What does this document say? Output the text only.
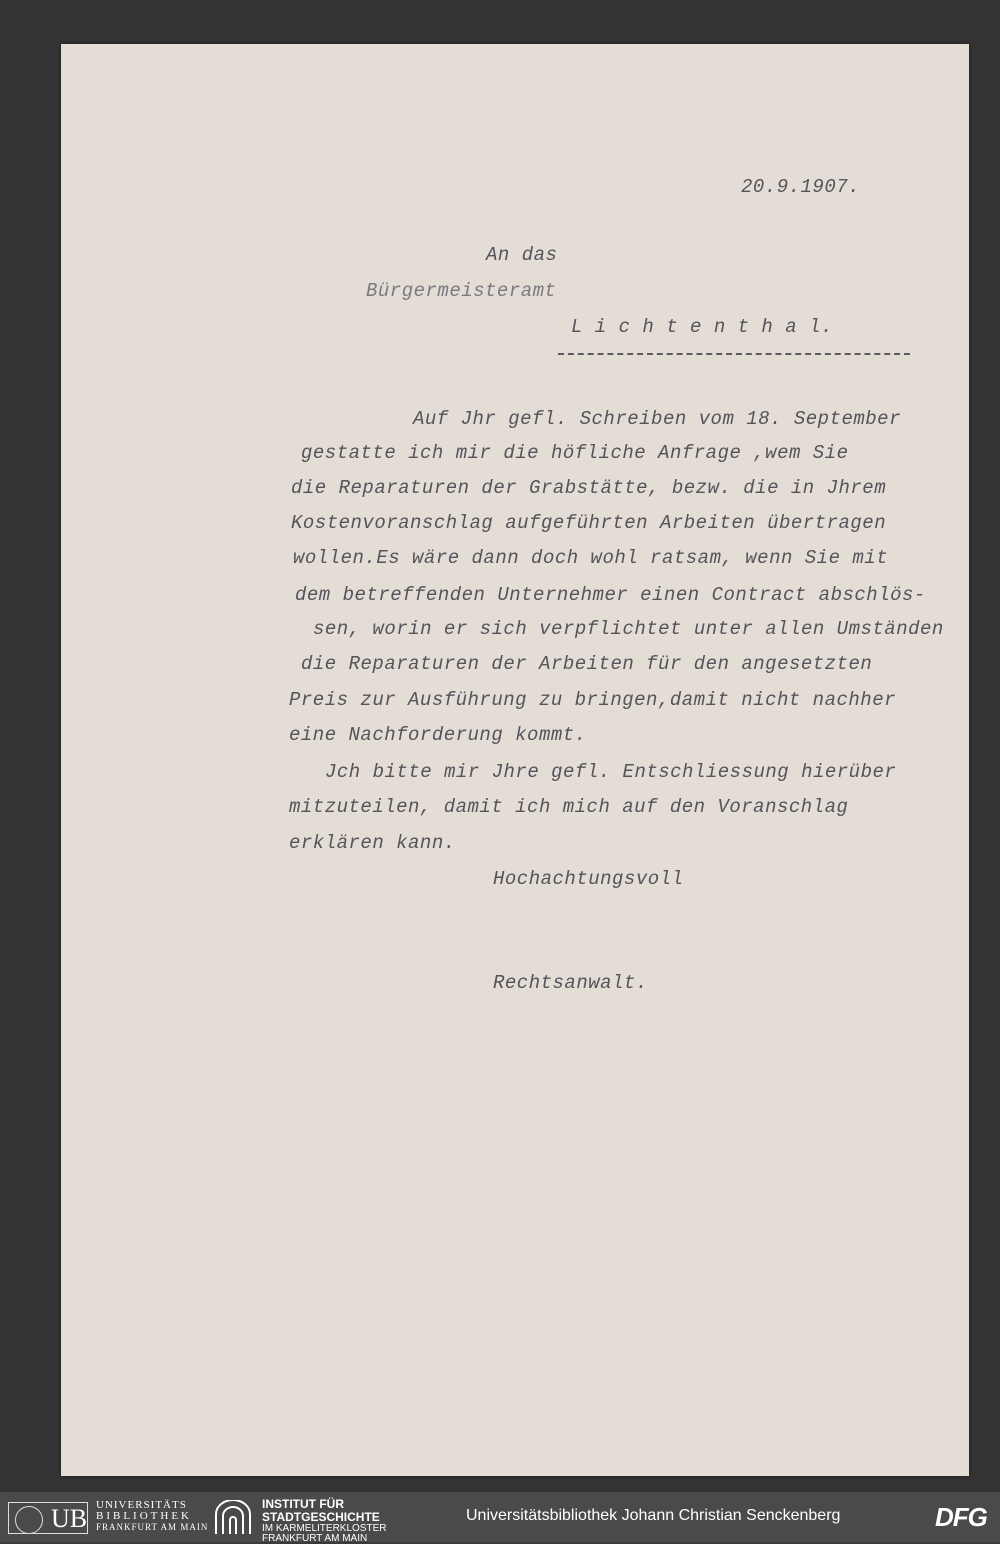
20.9.1907.
An das
Bürgermeisteramt
L i c h t e n t h a l.
Auf Jhr gefl. Schreiben vom 18. September
gestatte ich mir die höfliche Anfrage ,wem Sie
die Reparaturen der Grabstätte, bezw. die in Jhrem
Kostenvoranschlag aufgeführten Arbeiten übertragen
wollen.Es wäre dann doch wohl ratsam, wenn Sie mit
dem betreffenden Unternehmer einen Contract abschlös-
sen, worin er sich verpflichtet unter allen Umständen
die Reparaturen der Arbeiten für den angesetzten
Preis zur Ausführung zu bringen,damit nicht nachher
eine Nachforderung kommt.
Jch bitte mir Jhre gefl. Entschliessung hierüber
mitzuteilen, damit ich mich auf den Voranschlag
erklären kann.
Hochachtungsvoll
Rechtsanwalt.
UB UNIVERSITÄTS
BIBLIOTHEK
FRANKFURT AM MAIN
INSTITUT FÜR
STADTGESCHICHTE
IM KARMELITERKLOSTER
FRANKFURT AM MAIN
Universitätsbibliothek Johann Christian Senckenberg	DFG
